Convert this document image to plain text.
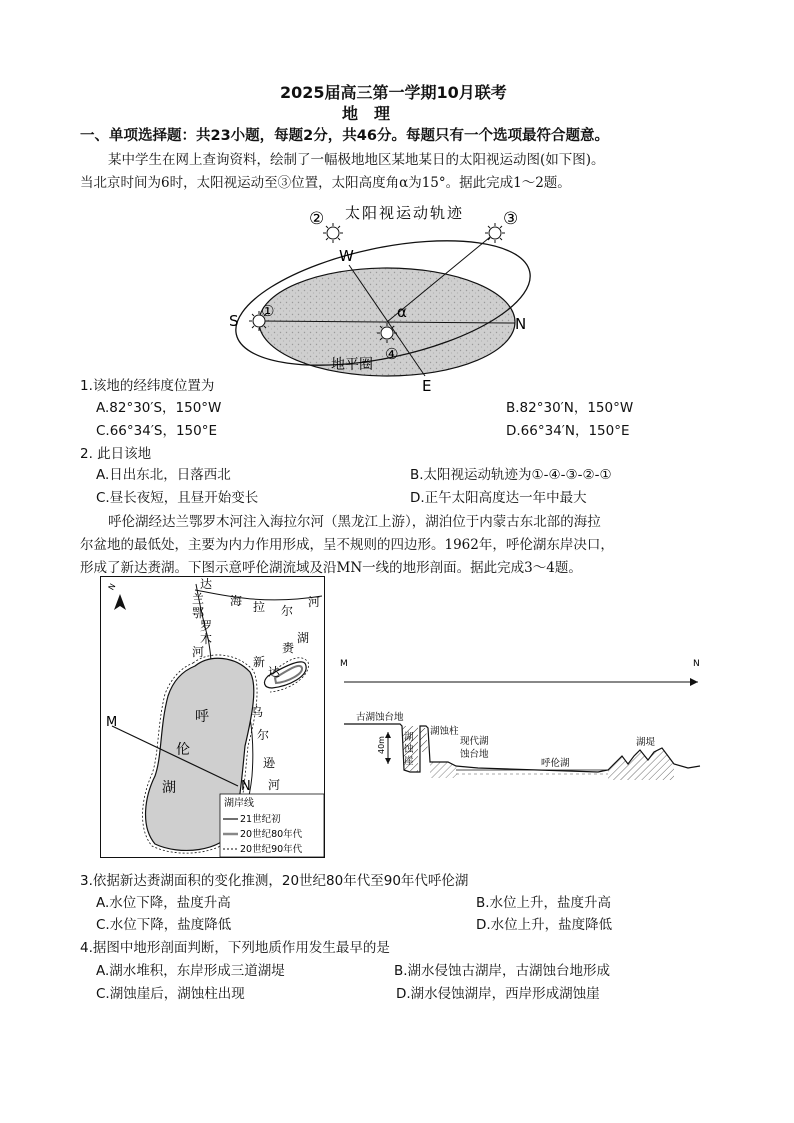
2025届高三第一学期10月联考
地　理
一、单项选择题：共23小题，每题2分，共46分。每题只有一个选项最符合题意。
某中学生在网上查询资料，绘制了一幅极地地区某地某日的太阳视运动图(如下图)。
当北京时间为6时，太阳视运动至③位置，太阳高度角α为15°。据此完成1～2题。
太阳视运动轨迹
地平圈
W
S	N
E
α
①
②	③
④
1.该地的经纬度位置为
A.82°30′S，150°W	B.82°30′N，150°W
C.66°34′S，150°E	D.66°34′N，150°E
2. 此日该地
A.日出东北，日落西北	B.太阳视运动轨迹为①-④-③-②-①
C.昼长夜短，且昼开始变长	D.正午太阳高度达一年中最大
呼伦湖经达兰鄂罗木河注入海拉尔河（黑龙江上游），湖泊位于内蒙古东北部的海拉
尔盆地的最低处，主要为内力作用形成，呈不规则的四边形。1962年，呼伦湖东岸决口，
形成了新达赉湖。下图示意呼伦湖流域及沿MN一线的地形剖面。据此完成3～4题。
N	达
兰
鄂
罗
木
河
海 拉 尔
河
新
达
赉
湖
乌
尔
逊
河
呼
伦
湖
M
N
湖岸线
21世纪初
20世纪80年代
20世纪90年代
M	N
40m
古湖蚀台地
湖
蚀
崖
湖蚀柱
现代湖
蚀台地
呼伦湖
湖堤
3.依据新达赉湖面积的变化推测，20世纪80年代至90年代呼伦湖
A.水位下降，盐度升高	B.水位上升，盐度升高
C.水位下降，盐度降低	D.水位上升，盐度降低
4.据图中地形剖面判断，下列地质作用发生最早的是
A.湖水堆积，东岸形成三道湖堤	B.湖水侵蚀古湖岸，古湖蚀台地形成
C.湖蚀崖后，湖蚀柱出现	D.湖水侵蚀湖岸，西岸形成湖蚀崖
